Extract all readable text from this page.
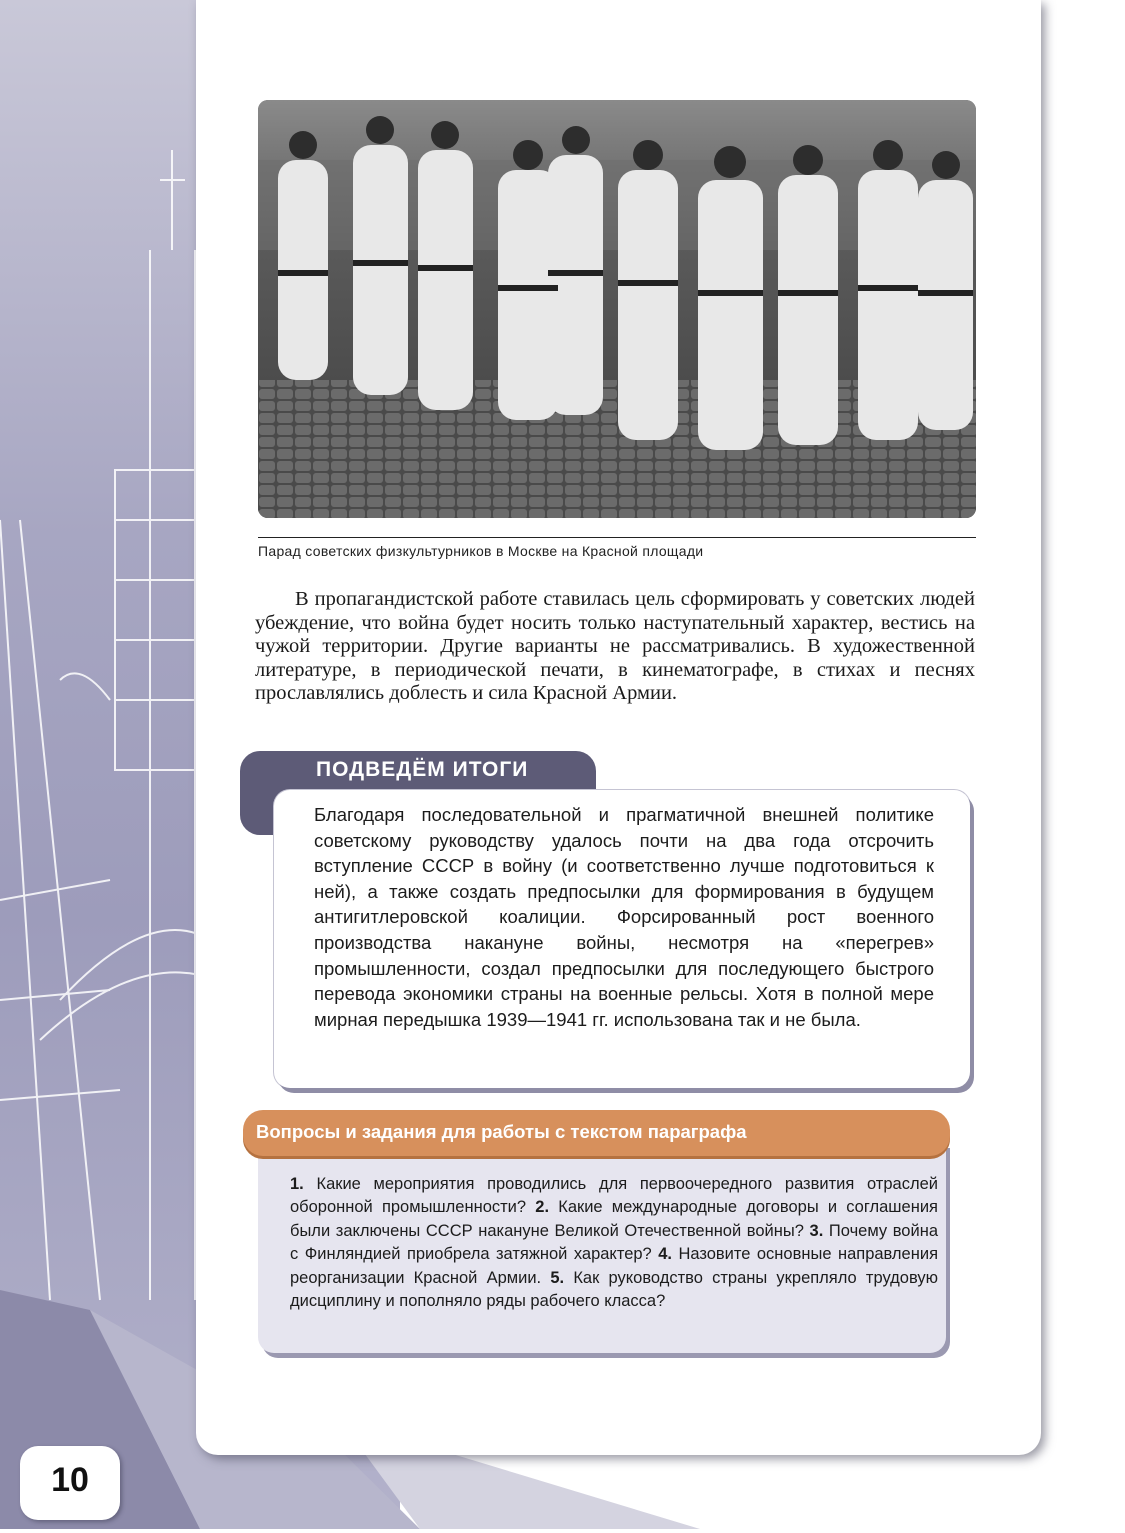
Парад советских физкультурников в Москве на Красной площади

В пропагандистской работе ставилась цель сформировать у советских людей убеждение, что война будет носить только наступательный характер, вестись на чужой территории. Другие варианты не рассматривались. В художественной литературе, в периодической печати, в кинематографе, в стихах и песнях прославлялись доблесть и сила Красной Армии.

ПОДВЕДЁМ ИТОГИ

Благодаря последовательной и прагматичной внешней политике советскому руководству удалось почти на два года отсрочить вступление СССР в войну (и соответственно лучше подготовиться к ней), а также создать предпосылки для формирования в будущем антигитлеровской коалиции. Форсированный рост военного производства накануне войны, несмотря на «перегрев» промышленности, создал предпосылки для последующего быстрого перевода экономики страны на военные рельсы. Хотя в полной мере мирная передышка 1939—1941 гг. использована так и не была.

Вопросы и задания для работы с текстом параграфа

1. Какие мероприятия проводились для первоочередного развития отраслей оборонной промышленности? 2. Какие международные договоры и соглашения были заключены СССР накануне Великой Отечественной войны? 3. Почему война с Финляндией приобрела затяжной характер? 4. Назовите основные направления реорганизации Красной Армии. 5. Как руководство страны укрепляло трудовую дисциплину и пополняло ряды рабочего класса?

10
